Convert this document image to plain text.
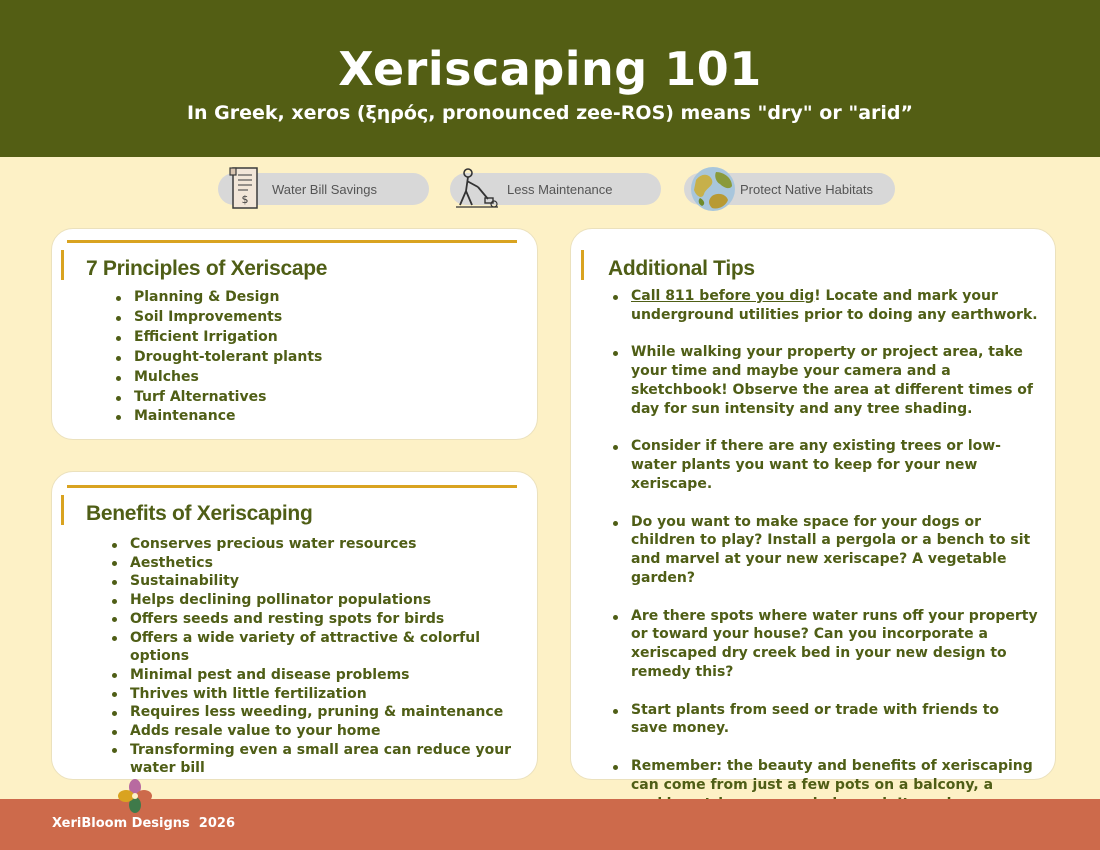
Xeriscaping 101
In Greek, xeros (ξηρός, pronounced zee-ROS) means "dry" or "arid”
Water Bill Savings
$
Less Maintenance	Protect Native Habitats
7 Principles of Xeriscape
Planning & Design
Soil Improvements
Efficient Irrigation
Drought-tolerant plants
Mulches
Turf Alternatives
Maintenance
Benefits of Xeriscaping
Conserves precious water resources
Aesthetics
Sustainability
Helps declining pollinator populations
Offers seeds and resting spots for birds
Offers a wide variety of attractive & colorful options
Minimal pest and disease problems
Thrives with little fertilization
Requires less weeding, pruning & maintenance
Adds resale value to your home
Transforming even a small area can reduce your water bill
Additional Tips
Call 811 before you dig! Locate and mark your underground utilities prior to doing any earthwork.
While walking your property or project area, take your time and maybe your camera and a sketchbook! Observe the area at different times of day for sun intensity and any tree shading.
Consider if there are any existing trees or low-water plants you want to keep for your new xeriscape.
Do you want to make space for your dogs or children to play? Install a pergola or a bench to sit and marvel at your new xeriscape? A vegetable garden?
Are there spots where water runs off your property or toward your house? Can you incorporate a xeriscaped dry creek bed in your new design to remedy this?
Start plants from seed or trade with friends to save money.
Remember: the beauty and benefits of xeriscaping can come from just a few pots on a balcony, a
XeriBloom Designs  2026
